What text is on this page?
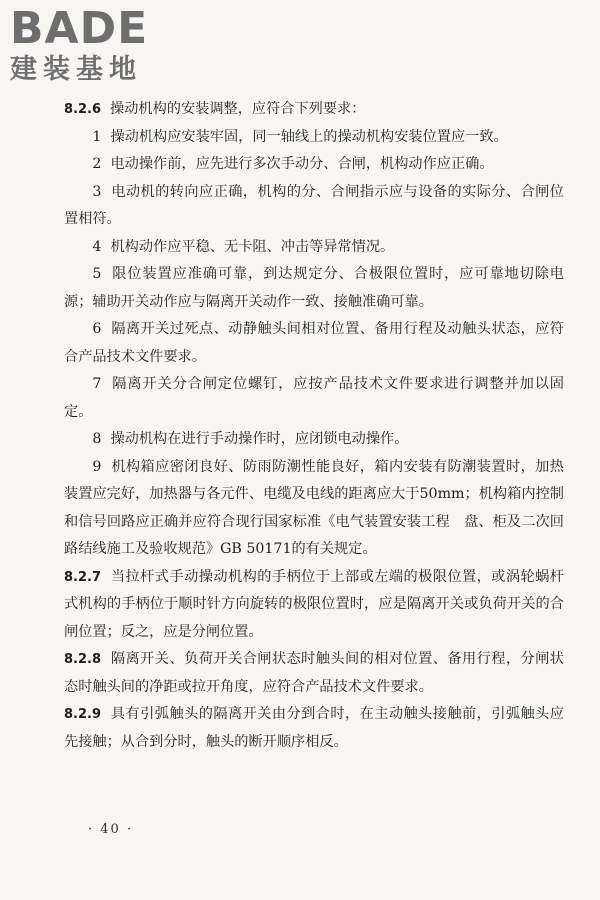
BADE
建装基地

8.2.6 操动机构的安装调整，应符合下列要求：

1 操动机构应安装牢固，同一轴线上的操动机构安装位置应一致。

2 电动操作前，应先进行多次手动分、合闸，机构动作应正确。

3 电动机的转向应正确，机构的分、合闸指示应与设备的实际分、合闸位置相符。

4 机构动作应平稳、无卡阻、冲击等异常情况。

5 限位装置应准确可靠，到达规定分、合极限位置时，应可靠地切除电源；辅助开关动作应与隔离开关动作一致、接触准确可靠。

6 隔离开关过死点、动静触头间相对位置、备用行程及动触头状态，应符合产品技术文件要求。

7 隔离开关分合闸定位螺钉，应按产品技术文件要求进行调整并加以固定。

8 操动机构在进行手动操作时，应闭锁电动操作。

9 机构箱应密闭良好、防雨防潮性能良好，箱内安装有防潮装置时，加热装置应完好，加热器与各元件、电缆及电线的距离应大于50mm；机构箱内控制和信号回路应正确并应符合现行国家标准《电气装置安装工程　盘、柜及二次回路结线施工及验收规范》GB 50171的有关规定。

8.2.7 当拉杆式手动操动机构的手柄位于上部或左端的极限位置，或涡轮蜗杆式机构的手柄位于顺时针方向旋转的极限位置时，应是隔离开关或负荷开关的合闸位置；反之，应是分闸位置。

8.2.8 隔离开关、负荷开关合闸状态时触头间的相对位置、备用行程，分闸状态时触头间的净距或拉开角度，应符合产品技术文件要求。

8.2.9 具有引弧触头的隔离开关由分到合时，在主动触头接触前，引弧触头应先接触；从合到分时，触头的断开顺序相反。

· 40 ·
